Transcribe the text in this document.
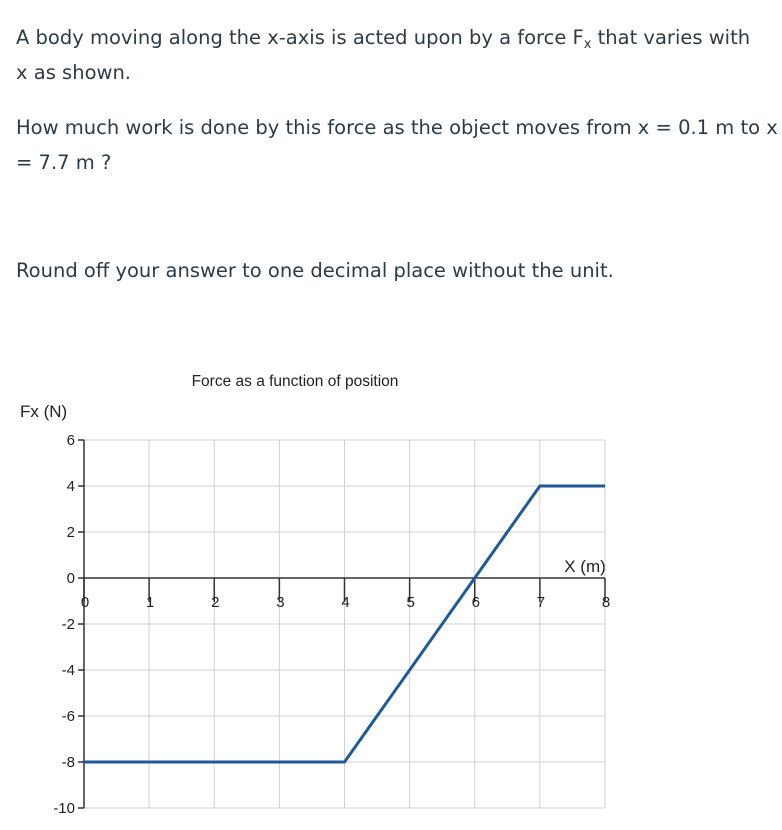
A body moving along the x-axis is acted upon by a force $F_x$ that varies with x as shown.

How much work is done by this force as the object moves from x = 0.1 m to x = 7.7 m ?

Round off your answer to one decimal place without the unit.

Force as a function of position
Fx (N)
X (m)
6
4
2
0
-2
-4
-6
-8
-10
0	1	2	3	4	5	6	7	8
